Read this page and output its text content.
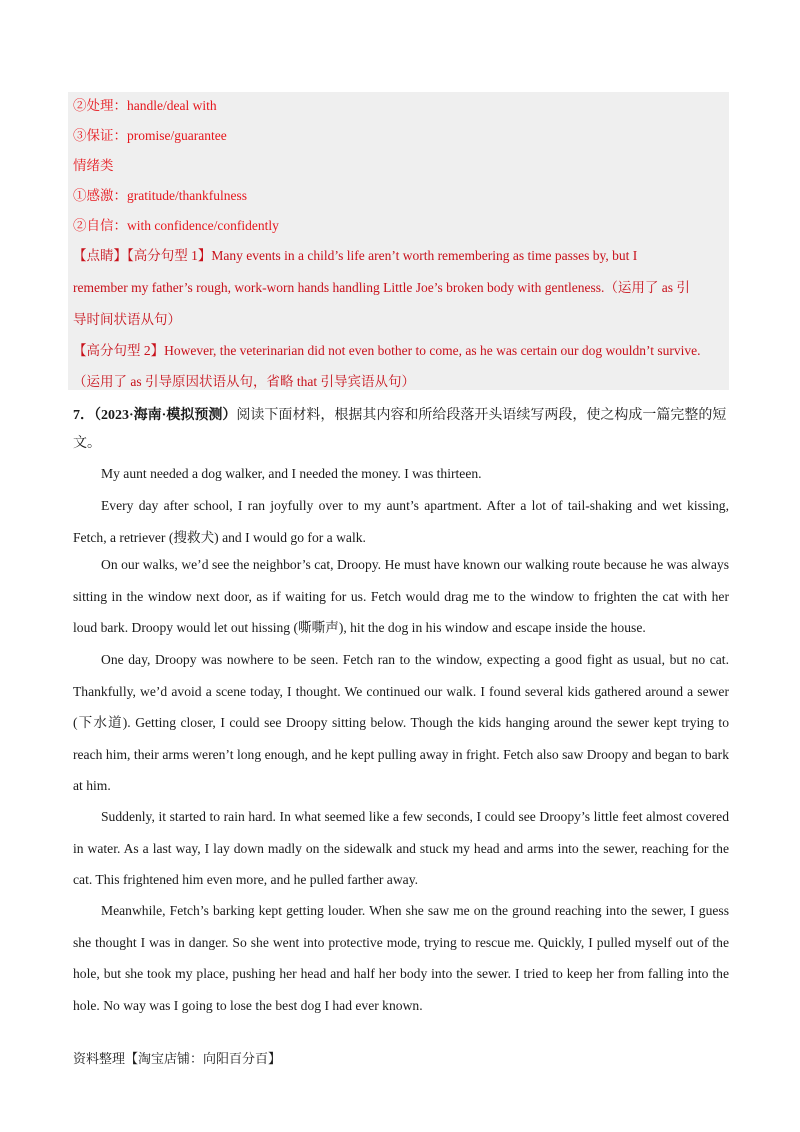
②处理：handle/deal with
③保证：promise/guarantee
情绪类
①感激：gratitude/thankfulness
②自信：with confidence/confidently
【点睛】【高分句型 1】Many events in a child’s life aren’t worth remembering as time passes by, but I
remember my father’s rough, work-worn hands handling Little Joe’s broken body with gentleness.（运用了 as 引
导时间状语从句）
【高分句型 2】However, the veterinarian did not even bother to come, as he was certain our dog wouldn’t survive.
（运用了 as 引导原因状语从句，省略 that 引导宾语从句）
7．（2023·海南·模拟预测）阅读下面材料，根据其内容和所给段落开头语续写两段，使之构成一篇完整的短文。

My aunt needed a dog walker, and I needed the money. I was thirteen.

Every day after school, I ran joyfully over to my aunt’s apartment. After a lot of tail-shaking and wet kissing, Fetch, a retriever (搜救犬) and I would go for a walk.

On our walks, we’d see the neighbor’s cat, Droopy. He must have known our walking route because he was always sitting in the window next door, as if waiting for us. Fetch would drag me to the window to frighten the cat with her loud bark. Droopy would let out hissing (嘶嘶声), hit the dog in his window and escape inside the house.

One day, Droopy was nowhere to be seen. Fetch ran to the window, expecting a good fight as usual, but no cat. Thankfully, we’d avoid a scene today, I thought. We continued our walk. I found several kids gathered around a sewer (下水道). Getting closer, I could see Droopy sitting below. Though the kids hanging around the sewer kept trying to reach him, their arms weren’t long enough, and he kept pulling away in fright. Fetch also saw Droopy and began to bark at him.

Suddenly, it started to rain hard. In what seemed like a few seconds, I could see Droopy’s little feet almost covered in water. As a last way, I lay down madly on the sidewalk and stuck my head and arms into the sewer, reaching for the cat. This frightened him even more, and he pulled farther away.

Meanwhile, Fetch’s barking kept getting louder. When she saw me on the ground reaching into the sewer, I guess she thought I was in danger. So she went into protective mode, trying to rescue me. Quickly, I pulled myself out of the hole, but she took my place, pushing her head and half her body into the sewer. I tried to keep her from falling into the hole. No way was I going to lose the best dog I had ever known.

资料整理【淘宝店铺：向阳百分百】
